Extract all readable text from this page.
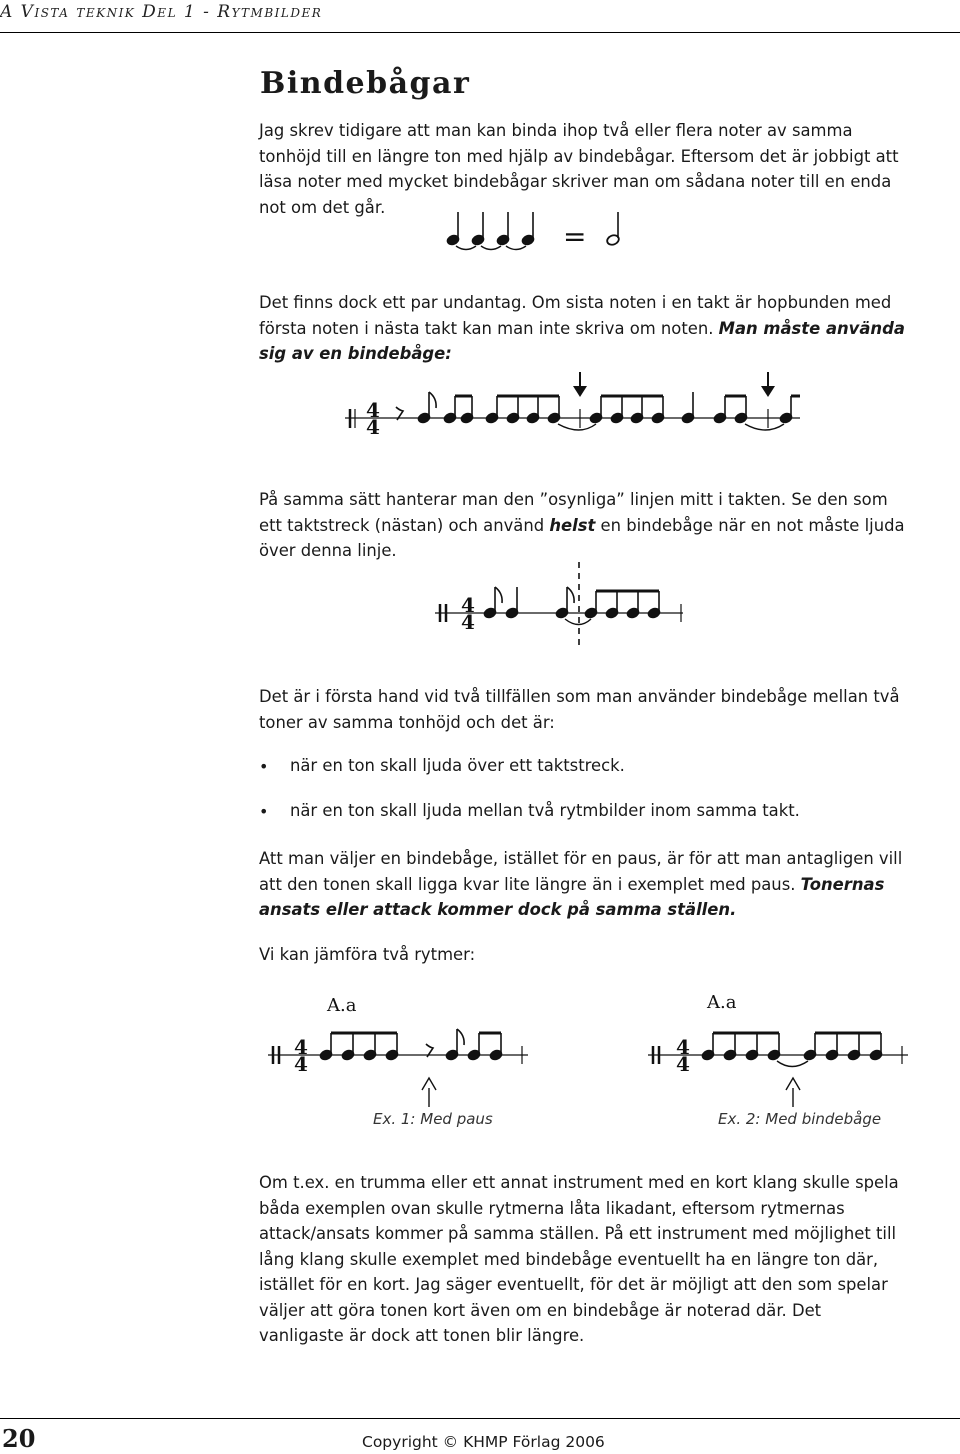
A Vista teknik Del 1 - Rytmbilder
Bindebågar
Jag skrev tidigare att man kan binda ihop två eller flera noter av samma tonhöjd till en längre ton med hjälp av bindebågar. Eftersom det är jobbigt att läsa noter med mycket bindebågar skriver man om sådana noter till en enda not om det går.
Det finns dock ett par undantag. Om sista noten i en takt är hopbunden med första noten i nästa takt kan man inte skriva om noten. Man måste använda sig av en bindebåge:
På samma sätt hanterar man den ”osynliga” linjen mitt i takten. Se den som ett taktstreck (nästan) och använd helst en bindebåge när en not måste ljuda över denna linje.
Det är i första hand vid två tillfällen som man använder bindebåge mellan två toner av samma tonhöjd och det är:
• när en ton skall ljuda över ett taktstreck.
• när en ton skall ljuda mellan två rytmbilder inom samma takt.
Att man väljer en bindebåge, istället för en paus, är för att man antagligen vill att den tonen skall ligga kvar lite längre än i exemplet med paus. Tonernas ansats eller attack kommer dock på samma ställen.
Vi kan jämföra två rytmer:
Om t.ex. en trumma eller ett annat instrument med en kort klang skulle spela båda exemplen ovan skulle rytmerna låta likadant, eftersom rytmernas attack/ansats kommer på samma ställen. På ett instrument med möjlighet till lång klang skulle exemplet med bindebåge eventuellt ha en längre ton där, istället för en kort. Jag säger eventuellt, för det är möjligt att den som spelar väljer att göra tonen kort även om en bindebåge är noterad där. Det vanligaste är dock att tonen blir längre.
=
4
4
4
4
4
4
A.a
Ex. 1: Med paus
4
4
A.a
Ex. 2: Med bindebåge
20	Copyright © KHMP Förlag 2006
